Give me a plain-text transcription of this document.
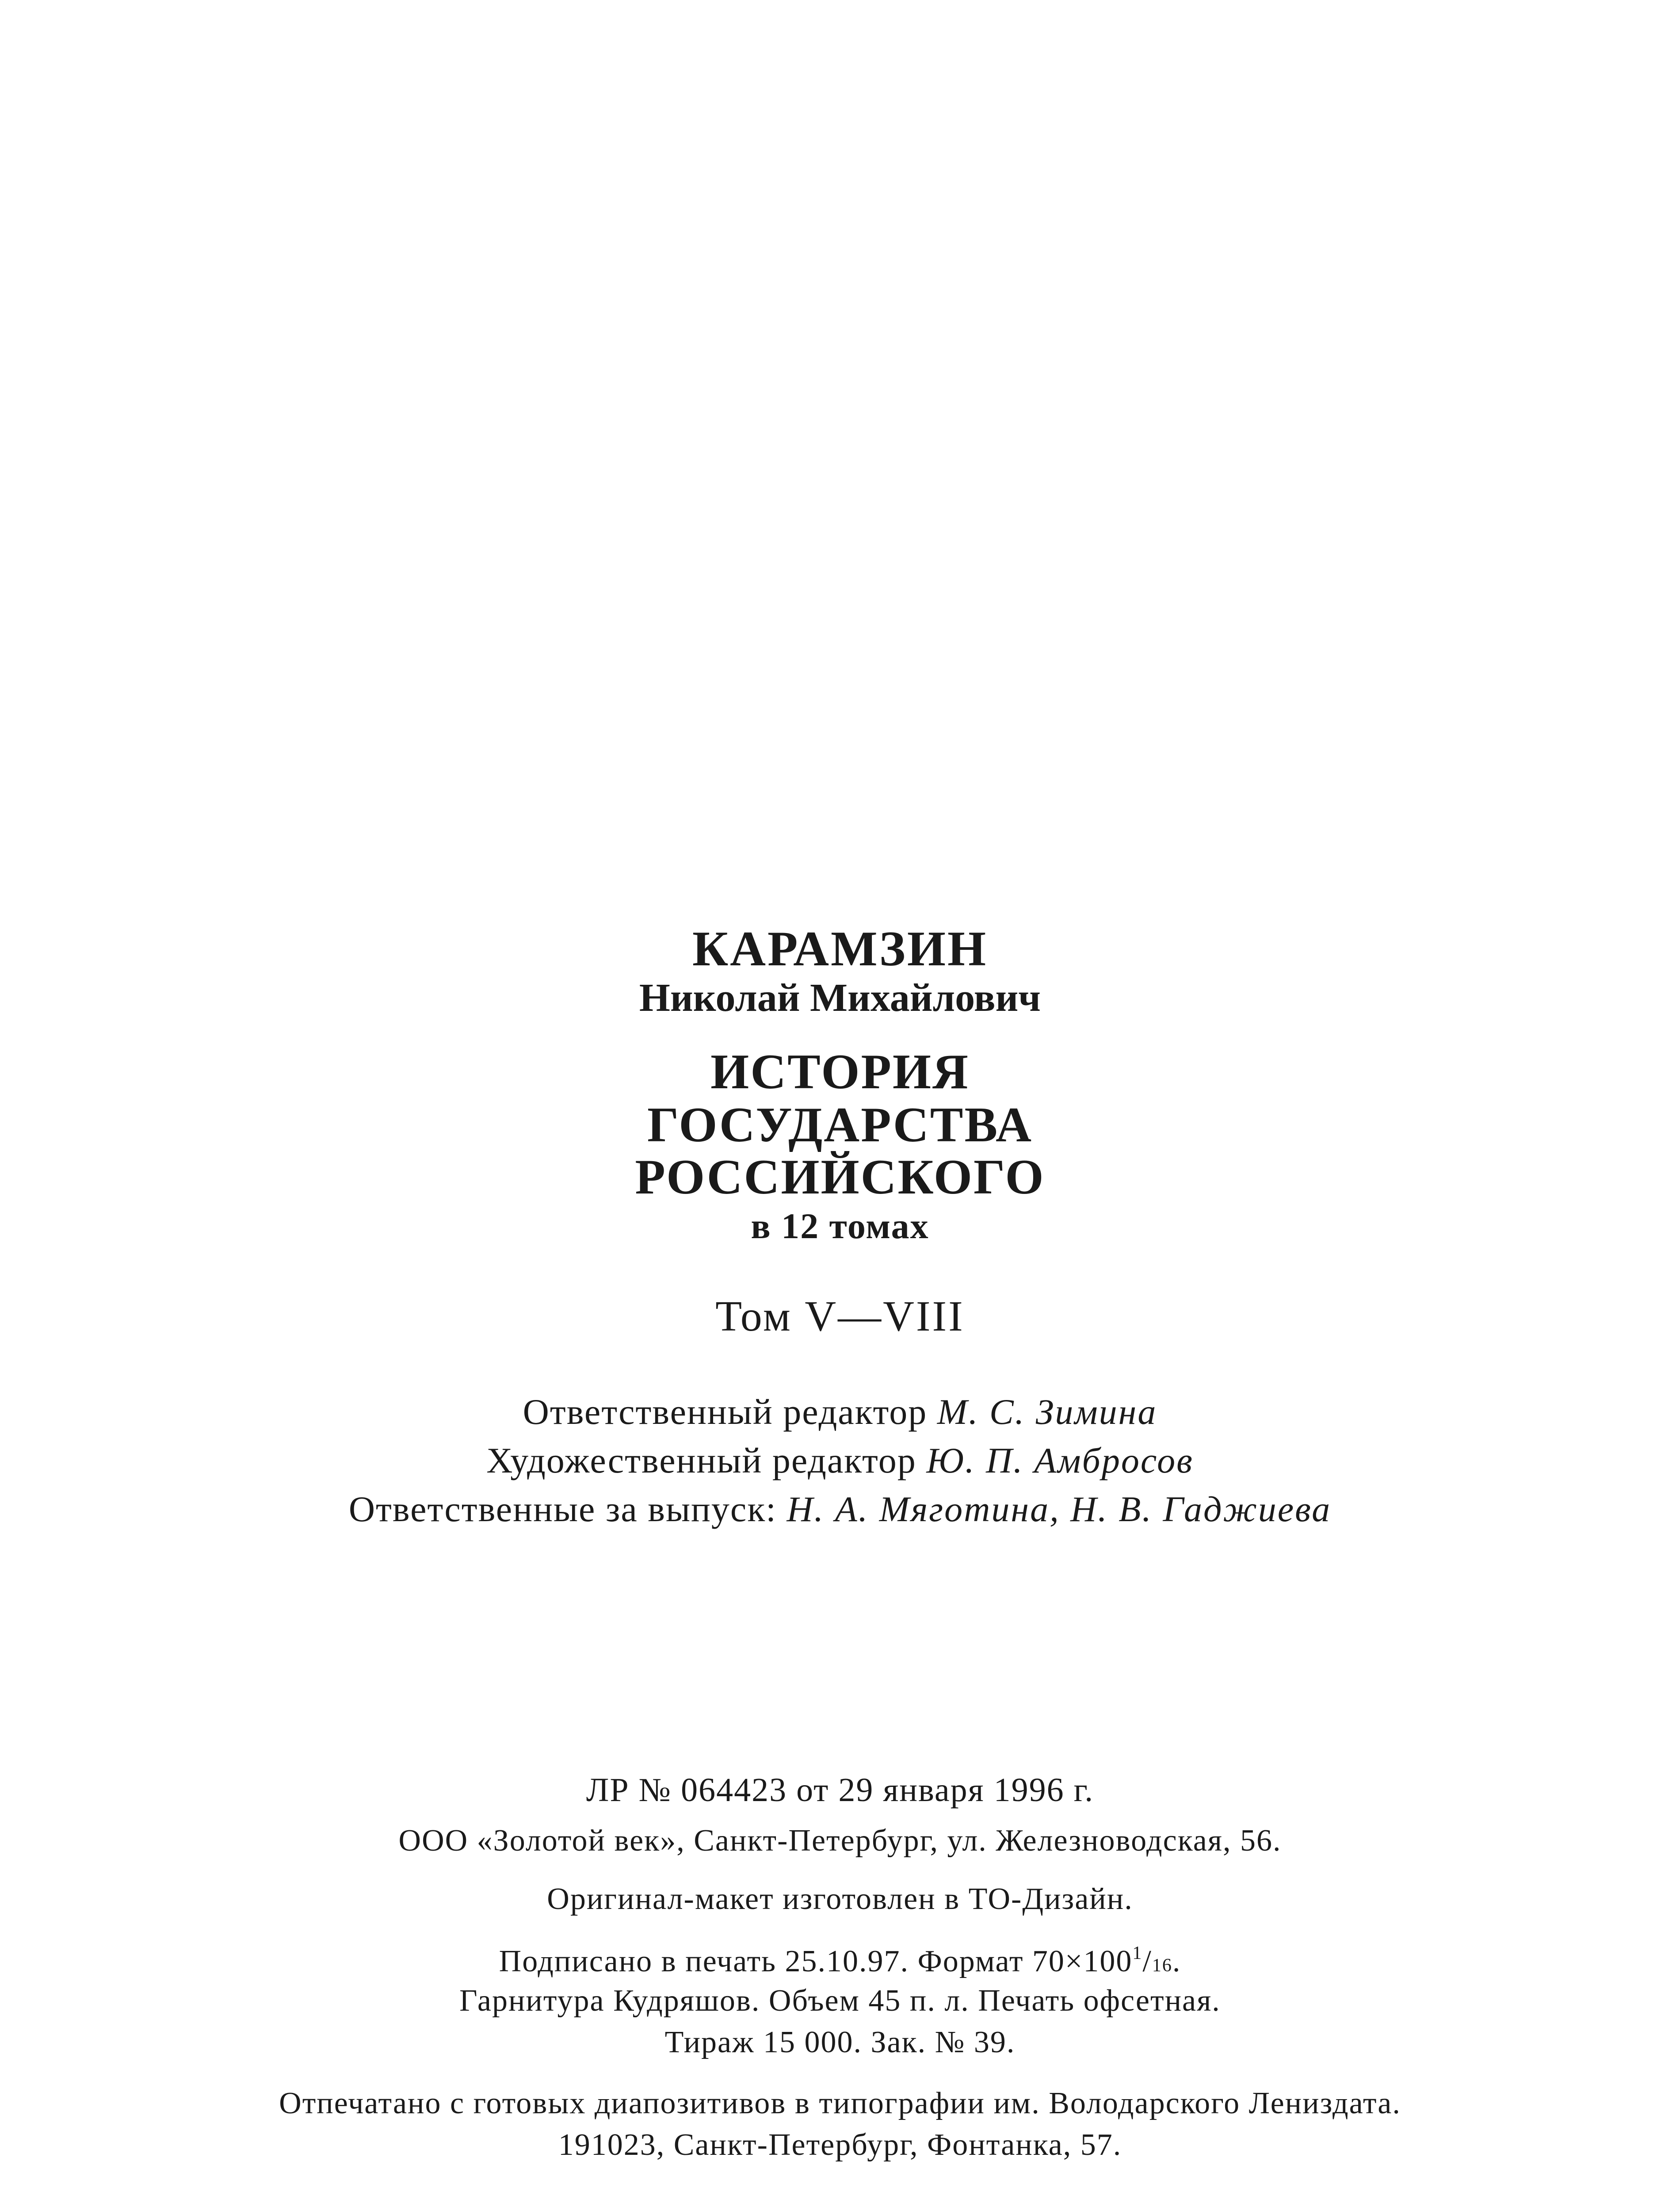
КАРАМЗИН
Николай Михайлович
ИСТОРИЯ
ГОСУДАРСТВА
РОССИЙСКОГО
в 12 томах
Том V—VIII
Ответственный редактор М. С. Зимина
Художественный редактор Ю. П. Амбросов
Ответственные за выпуск: Н. А. Мяготина, Н. В. Гаджиева
ЛР № 064423 от 29 января 1996 г.
ООО «Золотой век», Санкт-Петербург, ул. Железноводская, 56.
Оригинал-макет изготовлен в ТО-Дизайн.
Подписано в печать 25.10.97. Формат $70\times 100^1/16$.
Гарнитура Кудряшов. Объем 45 п. л. Печать офсетная.
Тираж 15 000. Зак. № 39.
Отпечатано с готовых диапозитивов в типографии им. Володарского Лениздата.
191023, Санкт-Петербург, Фонтанка, 57.
